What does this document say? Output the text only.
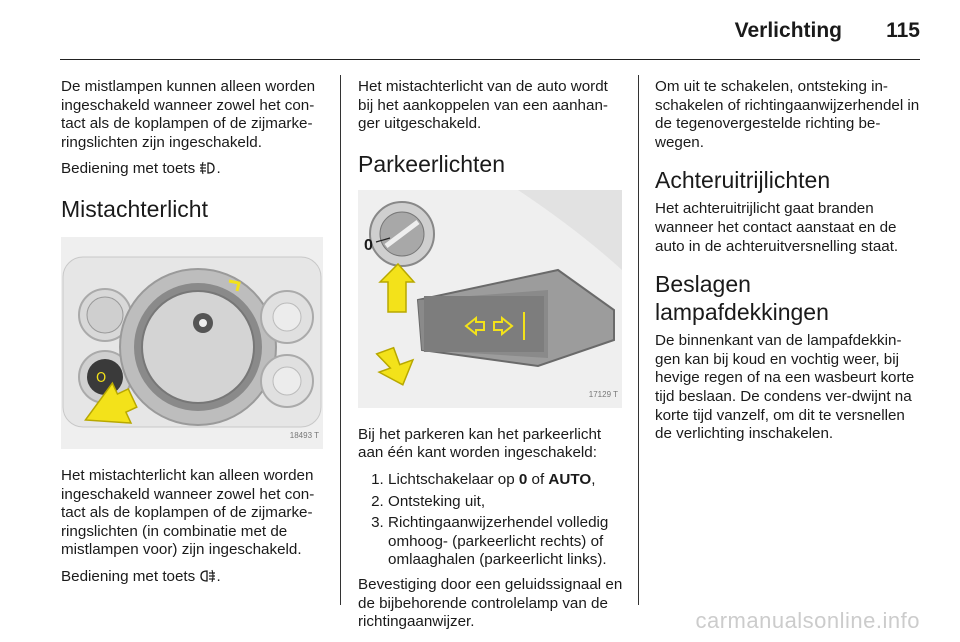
Verlichting 115

De mistlampen kunnen alleen worden ingeschakeld wanneer zowel het con-tact als de koplampen of de zijmarke-ringslichten zijn ingeschakeld.

Bediening met toets .

Mistachterlicht
O
18493 T

Het mistachterlicht kan alleen worden ingeschakeld wanneer zowel het con-tact als de koplampen of de zijmarke-ringslichten (in combinatie met de mistlampen voor) zijn ingeschakeld.

Bediening met toets .

Het mistachterlicht van de auto wordt bij het aankoppelen van een aanhan-ger uitgeschakeld.

Parkeerlichten
0
17129 T

Bij het parkeren kan het parkeerlicht aan één kant worden ingeschakeld:

1. Lichtschakelaar op 0 of AUTO,
2. Ontsteking uit,
3. Richtingaanwijzerhendel volledig omhoog- (parkeerlicht rechts) of omlaaghalen (parkeerlicht links).

Bevestiging door een geluidssignaal en de bijbehorende controlelamp van de richtingaanwijzer.

Om uit te schakelen, ontsteking in-schakelen of richtingaanwijzerhendel in de tegenovergestelde richting be-wegen.

Achteruitrijlichten

Het achteruitrijlicht gaat branden wanneer het contact aanstaat en de auto in de achteruitversnelling staat.

Beslagen lampafdekkingen

De binnenkant van de lampafdekkin-gen kan bij koud en vochtig weer, bij hevige regen of na een wasbeurt korte tijd beslaan. De condens ver-dwijnt na korte tijd vanzelf, om dit te versnellen de verlichting inschakelen.

carmanualsonline.info
